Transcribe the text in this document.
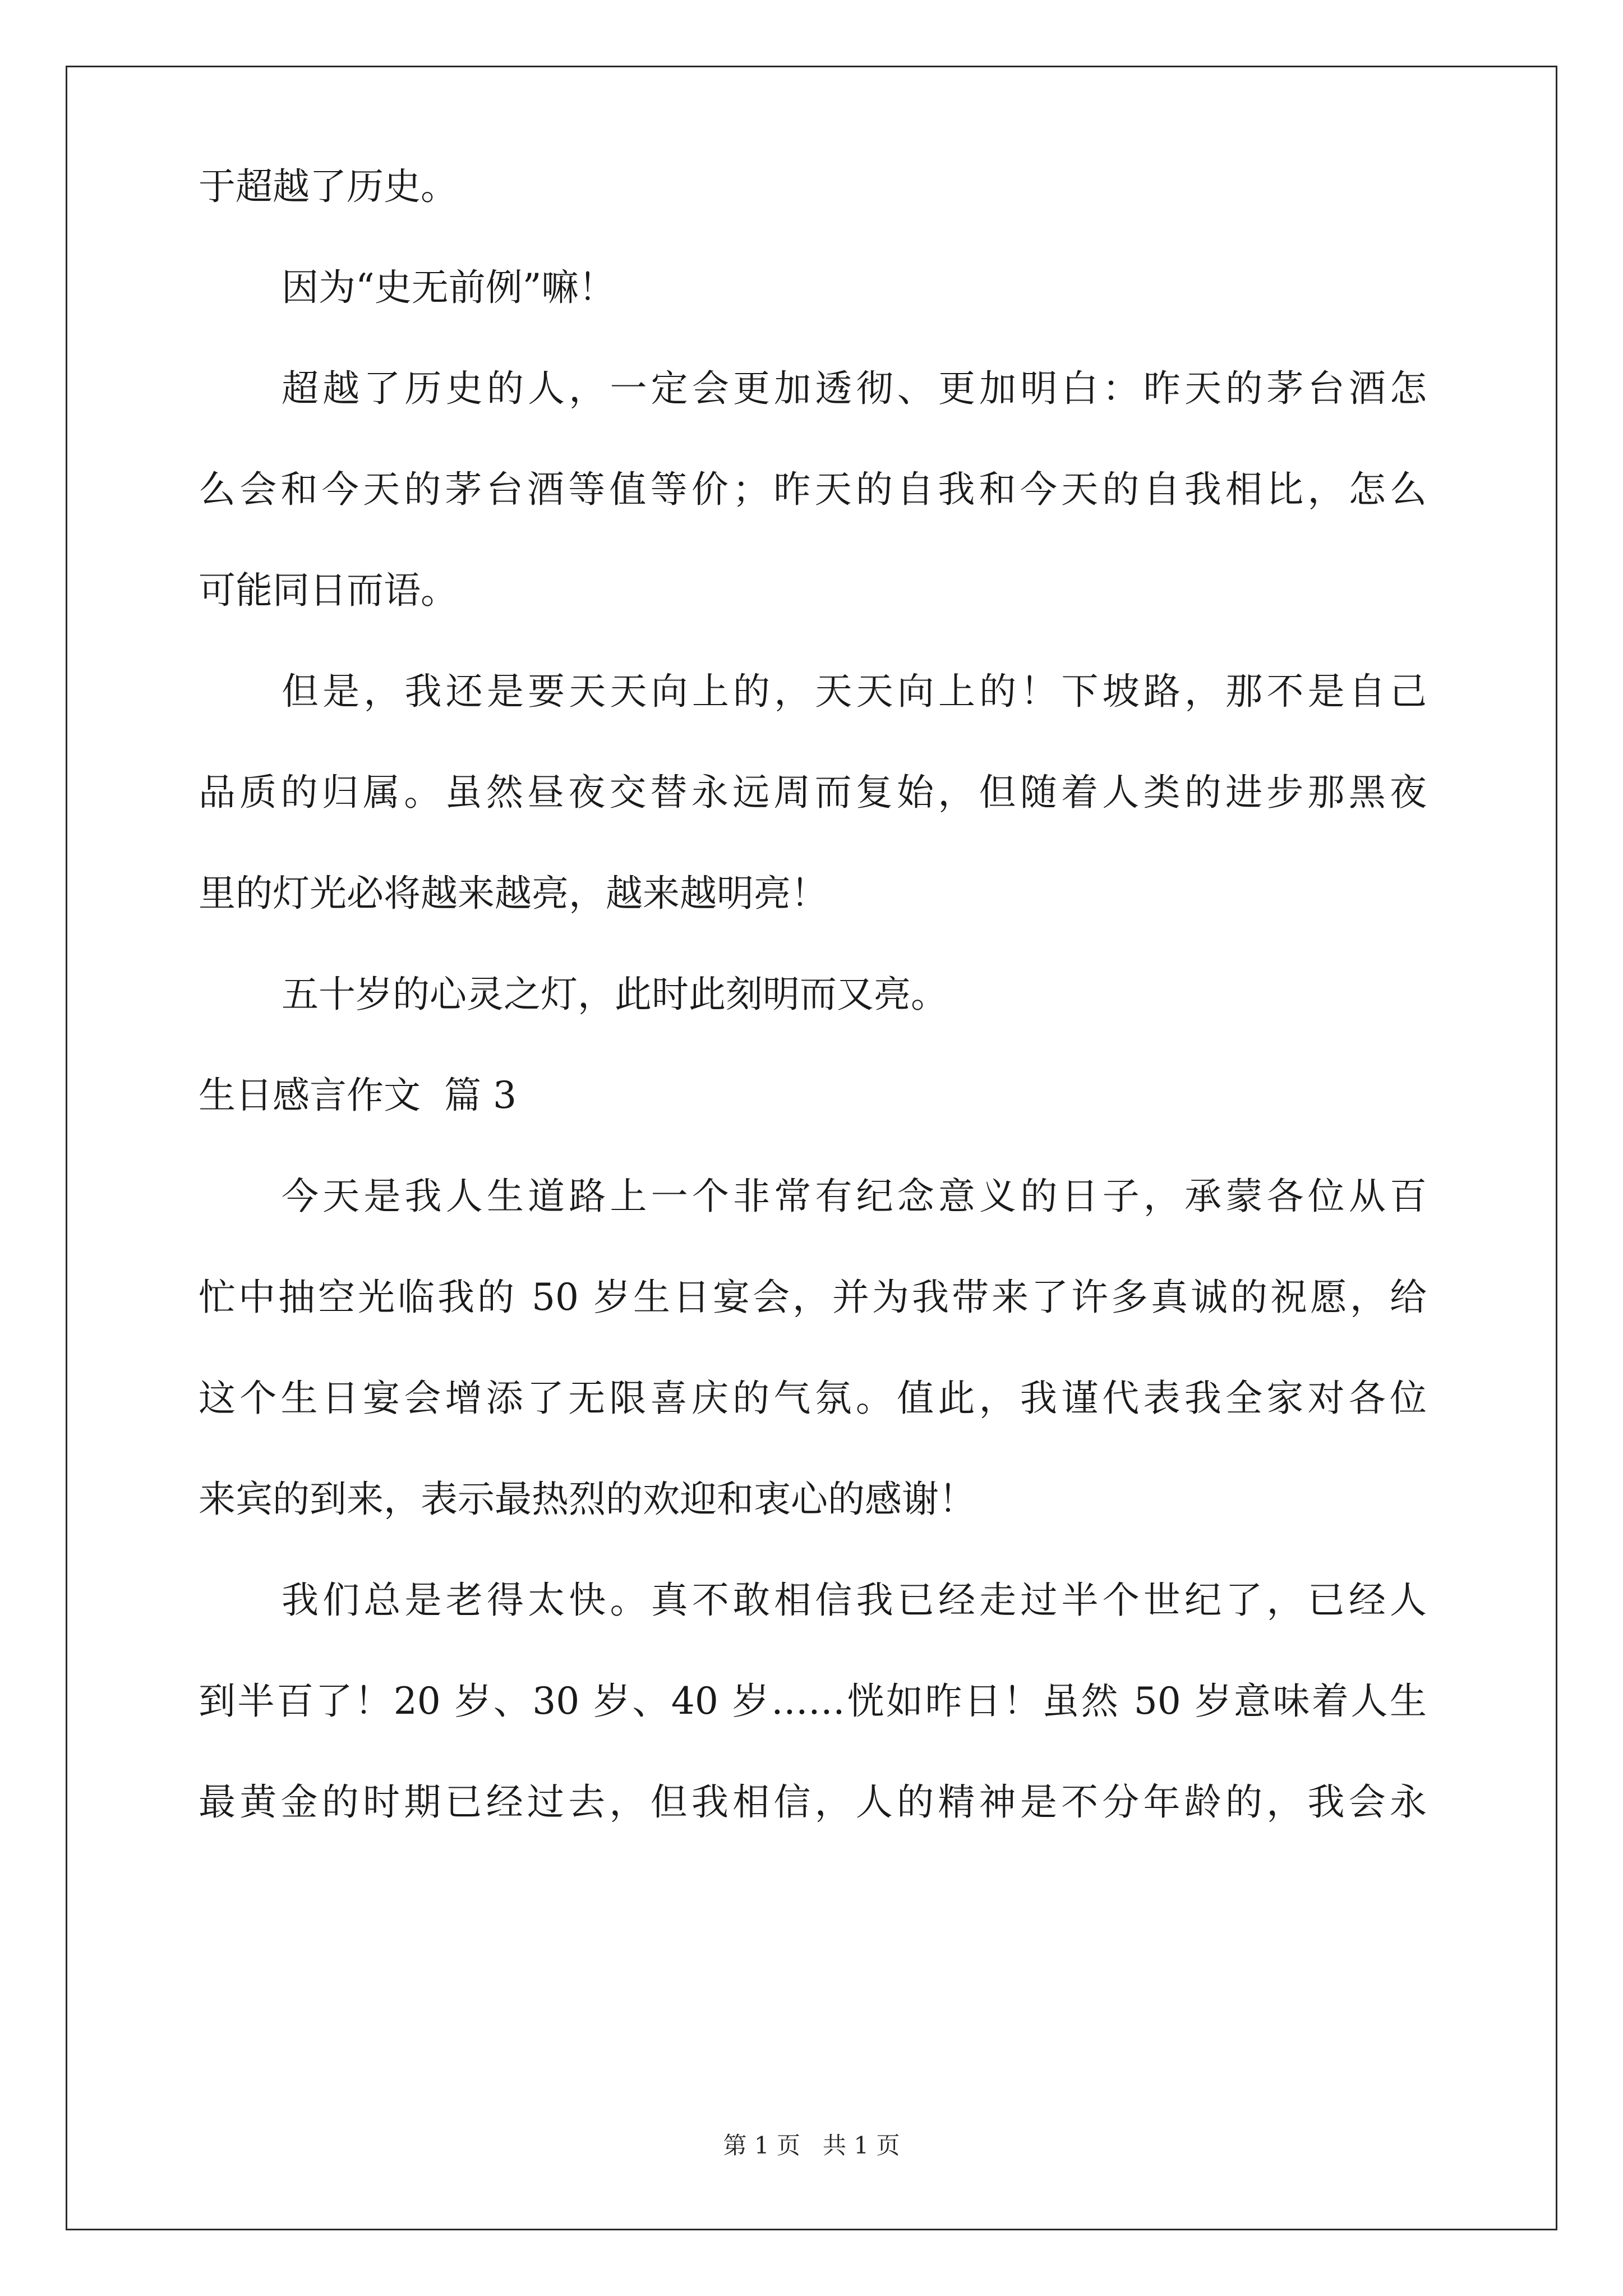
于超越了历史。
因为“史无前例”嘛！
超越了历史的人，一定会更加透彻、更加明白：昨天的茅台酒怎
么会和今天的茅台酒等值等价；昨天的自我和今天的自我相比，怎么
可能同日而语。
但是，我还是要天天向上的，天天向上的！下坡路，那不是自己
品质的归属。虽然昼夜交替永远周而复始，但随着人类的进步那黑夜
里的灯光必将越来越亮，越来越明亮！
五十岁的心灵之灯，此时此刻明而又亮。
生日感言作文  篇 3
今天是我人生道路上一个非常有纪念意义的日子，承蒙各位从百
忙中抽空光临我的 50 岁生日宴会，并为我带来了许多真诚的祝愿，给
这个生日宴会增添了无限喜庆的气氛。值此，我谨代表我全家对各位
来宾的到来，表示最热烈的欢迎和衷心的感谢！
我们总是老得太快。真不敢相信我已经走过半个世纪了，已经人
到半百了！20 岁、30 岁、40 岁……恍如昨日！虽然 50 岁意味着人生
最黄金的时期已经过去，但我相信，人的精神是不分年龄的，我会永
第 1 页 共 1 页
